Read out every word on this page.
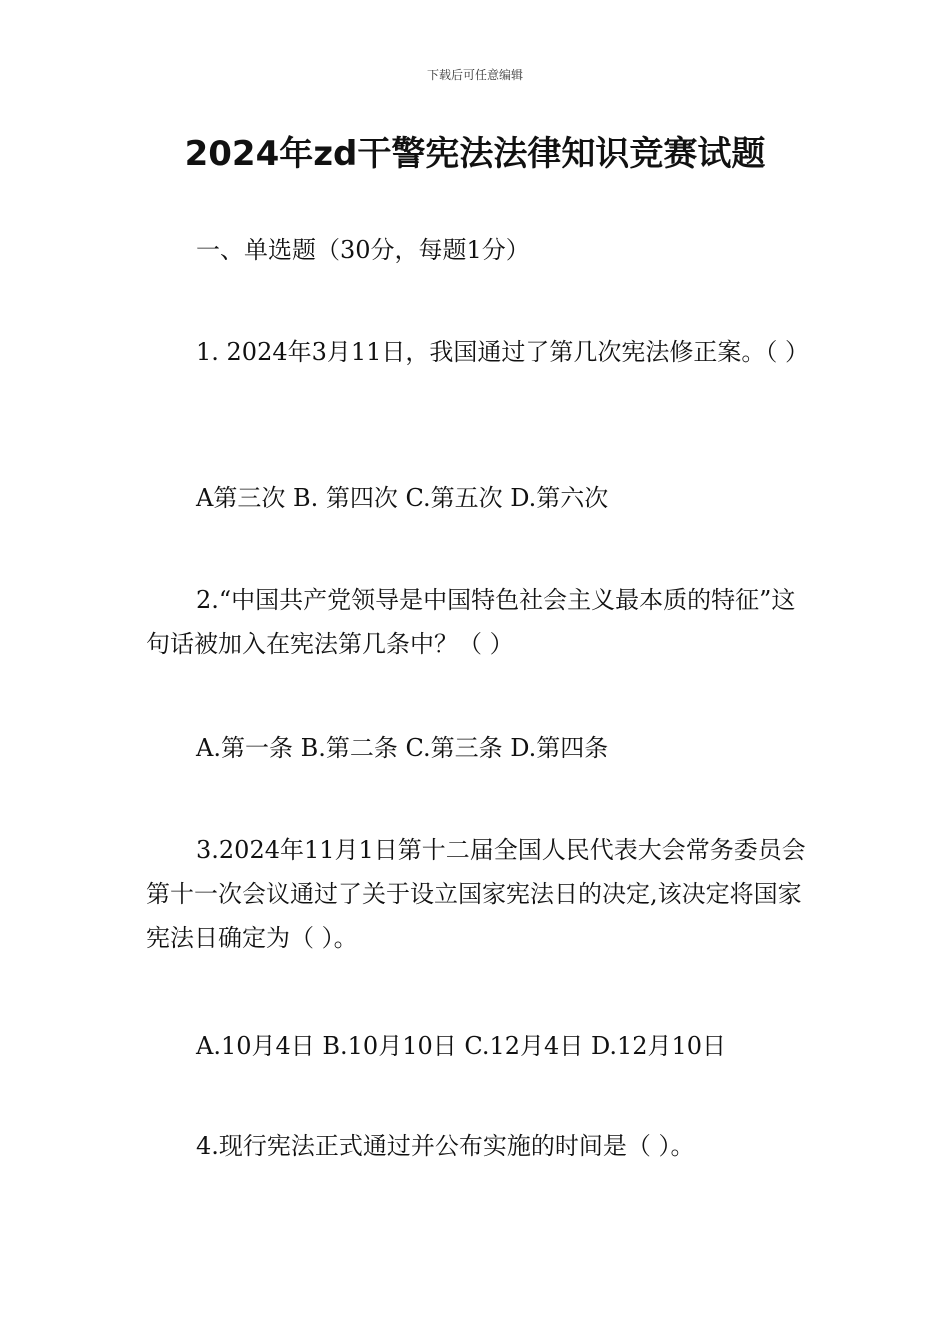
下载后可任意编辑
2024年zd干警宪法法律知识竞赛试题
一、单选题（30分，每题1分）
1. 2024年3月11日，我国通过了第几次宪法修正案。（ ）
A第三次 B. 第四次 C.第五次 D.第六次
2.“中国共产党领导是中国特色社会主义最本质的特征”这句话被加入在宪法第几条中？（ ）
A.第一条 B.第二条 C.第三条 D.第四条
3.2024年11月1日第十二届全国人民代表大会常务委员会第十一次会议通过了关于设立国家宪法日的决定,该决定将国家宪法日确定为（ ）。
A.10月4日 B.10月10日 C.12月4日 D.12月10日
4.现行宪法正式通过并公布实施的时间是（ ）。
